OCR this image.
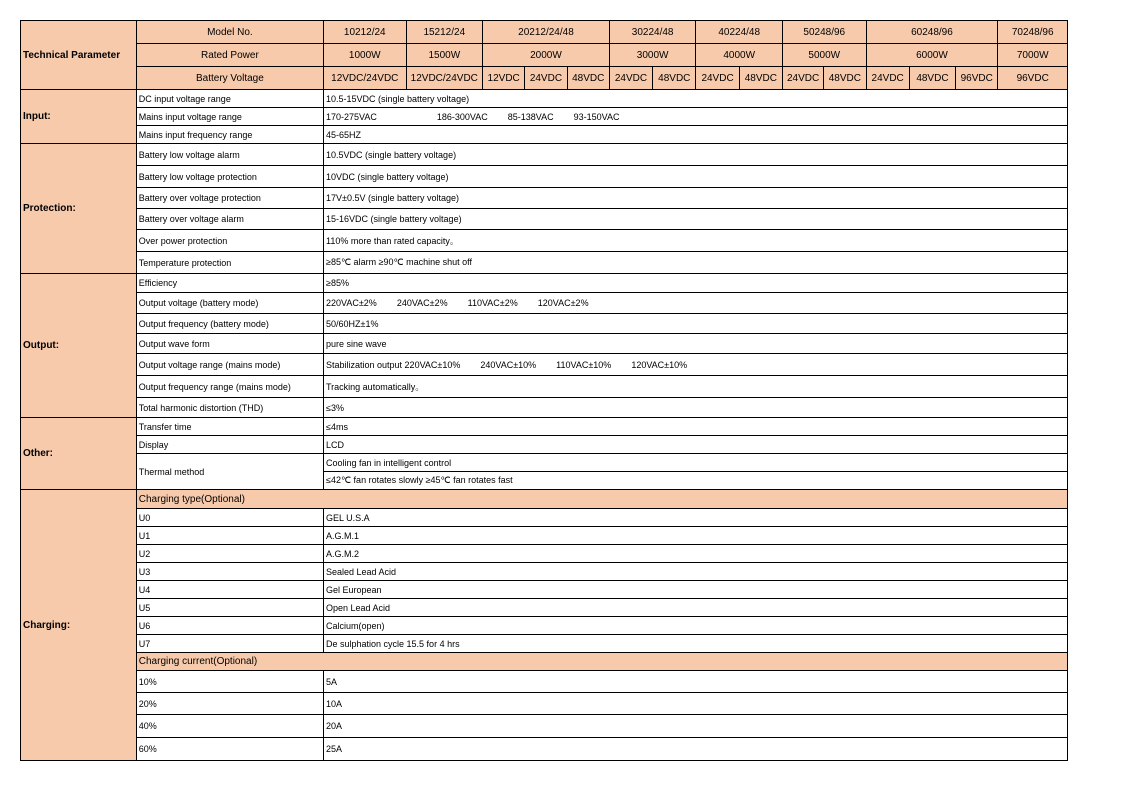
Technical Parameter	Model No.	10212/24	15212/24	20212/24/48			30224/48		40224/48		50248/96		60248/96			70248/96
	Rated Power	1000W	1500W	2000W			3000W		4000W		5000W		6000W			7000W
	Battery Voltage	12VDC/24VDC	12VDC/24VDC	12VDC	24VDC	48VDC	24VDC	48VDC	24VDC	48VDC	24VDC	48VDC	24VDC	48VDC	96VDC	96VDC
Input:	DC input voltage range	10.5-15VDC (single battery voltage)														
	Mains input voltage range	170-275VAC 186-300VAC 85-138VAC 93-150VAC														
	Mains input frequency range	45-65HZ														
Protection:	Battery low voltage alarm	10.5VDC (single battery voltage)														
	Battery low voltage protection	10VDC (single battery voltage)														
	Battery over voltage protection	17V±0.5V (single battery voltage)														
	Battery over voltage alarm	15-16VDC (single battery voltage)														
	Over power protection	110% more than rated capacity。														
	Temperature protection	≥85℃ alarm ≥90℃ machine shut off														
Output:	Efficiency	≥85%														
	Output voltage (battery mode)	220VAC±2% 240VAC±2% 110VAC±2% 120VAC±2%														
	Output frequency (battery mode)	50/60HZ±1%														
	Output wave form	pure sine wave														
	Output voltage range (mains mode)	Stabilization output 220VAC±10% 240VAC±10% 110VAC±10% 120VAC±10%														
	Output frequency range (mains mode)	Tracking automatically。														
	Total harmonic distortion (THD)	≤3%														
Other:	Transfer time	≤4ms														
	Display	LCD														
	Thermal method	Cooling fan in intelligent control														
		≤42℃ fan rotates slowly ≥45℃ fan rotates fast														
Charging:	Charging type(Optional)															
	U0	GEL U.S.A														
	U1	A.G.M.1														
	U2	A.G.M.2														
	U3	Sealed Lead Acid														
	U4	Gel European														
	U5	Open Lead Acid														
	U6	Calcium(open)														
	U7	De sulphation cycle 15.5 for 4 hrs														
	Charging current(Optional)															
	10%	5A														
	20%	10A														
	40%	20A														
	60%	25A														
